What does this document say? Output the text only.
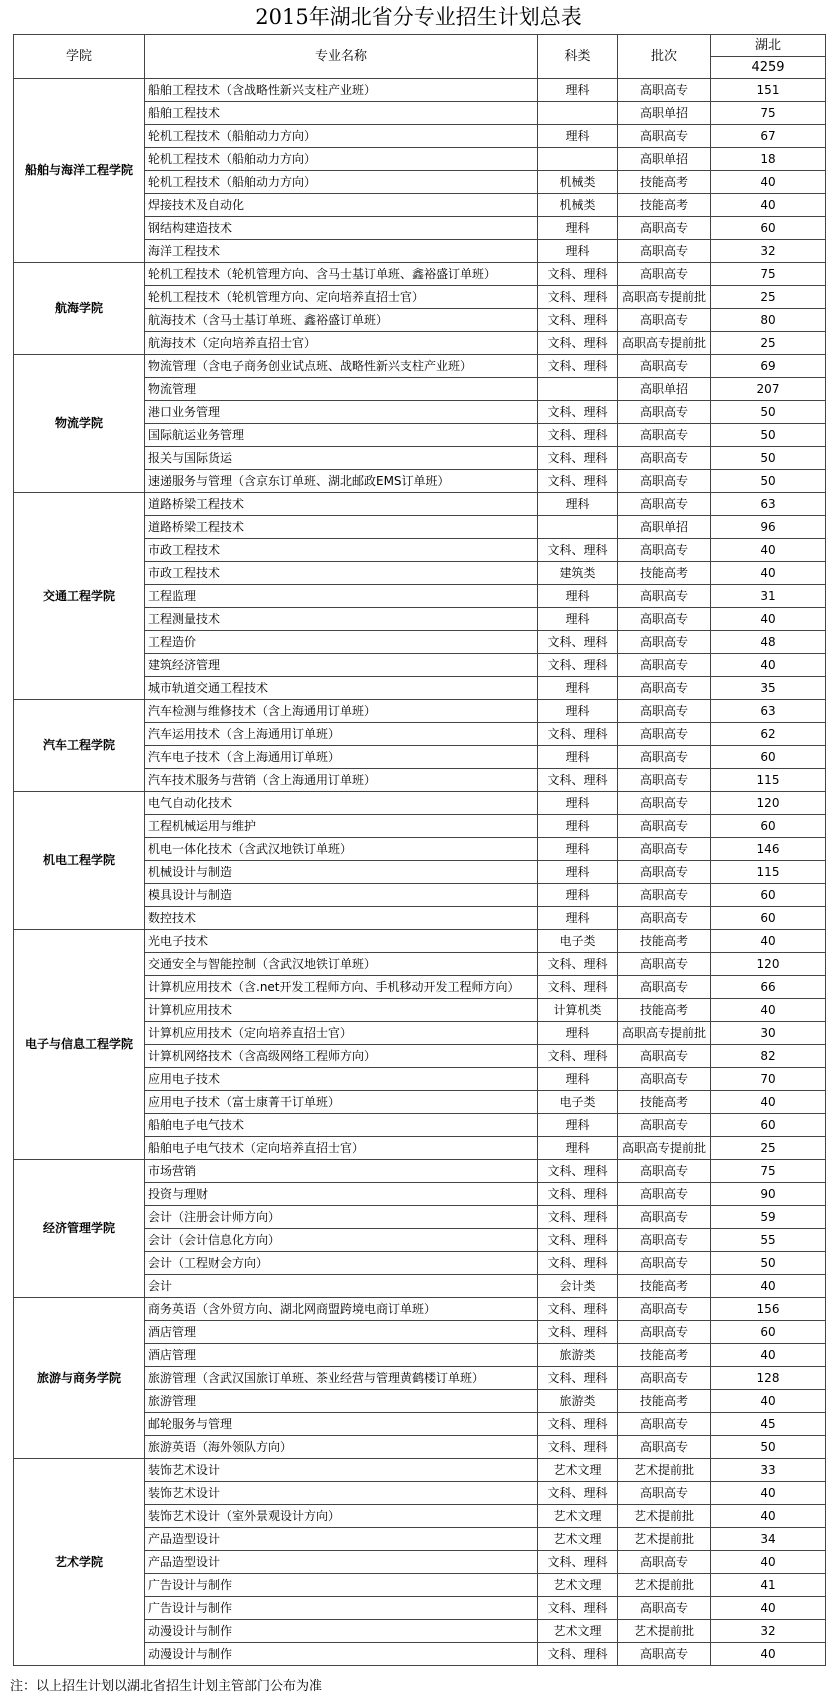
2015年湖北省分专业招生计划总表
学院	专业名称	科类	批次	湖北
				4259
船舶与海洋工程学院	船舶工程技术（含战略性新兴支柱产业班）	理科	高职高专	151
	船舶工程技术		高职单招	75
	轮机工程技术（船舶动力方向）	理科	高职高专	67
	轮机工程技术（船舶动力方向）		高职单招	18
	轮机工程技术（船舶动力方向）	机械类	技能高考	40
	焊接技术及自动化	机械类	技能高考	40
	钢结构建造技术	理科	高职高专	60
	海洋工程技术	理科	高职高专	32
航海学院	轮机工程技术（轮机管理方向、含马士基订单班、鑫裕盛订单班）	文科、理科	高职高专	75
	轮机工程技术（轮机管理方向、定向培养直招士官）	文科、理科	高职高专提前批	25
	航海技术（含马士基订单班、鑫裕盛订单班）	文科、理科	高职高专	80
	航海技术（定向培养直招士官）	文科、理科	高职高专提前批	25
物流学院	物流管理（含电子商务创业试点班、战略性新兴支柱产业班）	文科、理科	高职高专	69
	物流管理		高职单招	207
	港口业务管理	文科、理科	高职高专	50
	国际航运业务管理	文科、理科	高职高专	50
	报关与国际货运	文科、理科	高职高专	50
	速递服务与管理（含京东订单班、湖北邮政EMS订单班）	文科、理科	高职高专	50
交通工程学院	道路桥梁工程技术	理科	高职高专	63
	道路桥梁工程技术		高职单招	96
	市政工程技术	文科、理科	高职高专	40
	市政工程技术	建筑类	技能高考	40
	工程监理	理科	高职高专	31
	工程测量技术	理科	高职高专	40
	工程造价	文科、理科	高职高专	48
	建筑经济管理	文科、理科	高职高专	40
	城市轨道交通工程技术	理科	高职高专	35
汽车工程学院	汽车检测与维修技术（含上海通用订单班）	理科	高职高专	63
	汽车运用技术（含上海通用订单班）	文科、理科	高职高专	62
	汽车电子技术（含上海通用订单班）	理科	高职高专	60
	汽车技术服务与营销（含上海通用订单班）	文科、理科	高职高专	115
机电工程学院	电气自动化技术	理科	高职高专	120
	工程机械运用与维护	理科	高职高专	60
	机电一体化技术（含武汉地铁订单班）	理科	高职高专	146
	机械设计与制造	理科	高职高专	115
	模具设计与制造	理科	高职高专	60
	数控技术	理科	高职高专	60
电子与信息工程学院	光电子技术	电子类	技能高考	40
	交通安全与智能控制（含武汉地铁订单班）	文科、理科	高职高专	120
	计算机应用技术（含.net开发工程师方向、手机移动开发工程师方向）	文科、理科	高职高专	66
	计算机应用技术	计算机类	技能高考	40
	计算机应用技术（定向培养直招士官）	理科	高职高专提前批	30
	计算机网络技术（含高级网络工程师方向）	文科、理科	高职高专	82
	应用电子技术	理科	高职高专	70
	应用电子技术（富士康菁干订单班）	电子类	技能高考	40
	船舶电子电气技术	理科	高职高专	60
	船舶电子电气技术（定向培养直招士官）	理科	高职高专提前批	25
经济管理学院	市场营销	文科、理科	高职高专	75
	投资与理财	文科、理科	高职高专	90
	会计（注册会计师方向）	文科、理科	高职高专	59
	会计（会计信息化方向）	文科、理科	高职高专	55
	会计（工程财会方向）	文科、理科	高职高专	50
	会计	会计类	技能高考	40
旅游与商务学院	商务英语（含外贸方向、湖北网商盟跨境电商订单班）	文科、理科	高职高专	156
	酒店管理	文科、理科	高职高专	60
	酒店管理	旅游类	技能高考	40
	旅游管理（含武汉国旅订单班、茶业经营与管理黄鹤楼订单班）	文科、理科	高职高专	128
	旅游管理	旅游类	技能高考	40
	邮轮服务与管理	文科、理科	高职高专	45
	旅游英语（海外领队方向）	文科、理科	高职高专	50
艺术学院	装饰艺术设计	艺术文理	艺术提前批	33
	装饰艺术设计	文科、理科	高职高专	40
	装饰艺术设计（室外景观设计方向）	艺术文理	艺术提前批	40
	产品造型设计	艺术文理	艺术提前批	34
	产品造型设计	文科、理科	高职高专	40
	广告设计与制作	艺术文理	艺术提前批	41
	广告设计与制作	文科、理科	高职高专	40
	动漫设计与制作	艺术文理	艺术提前批	32
	动漫设计与制作	文科、理科	高职高专	40
注：以上招生计划以湖北省招生计划主管部门公布为准
